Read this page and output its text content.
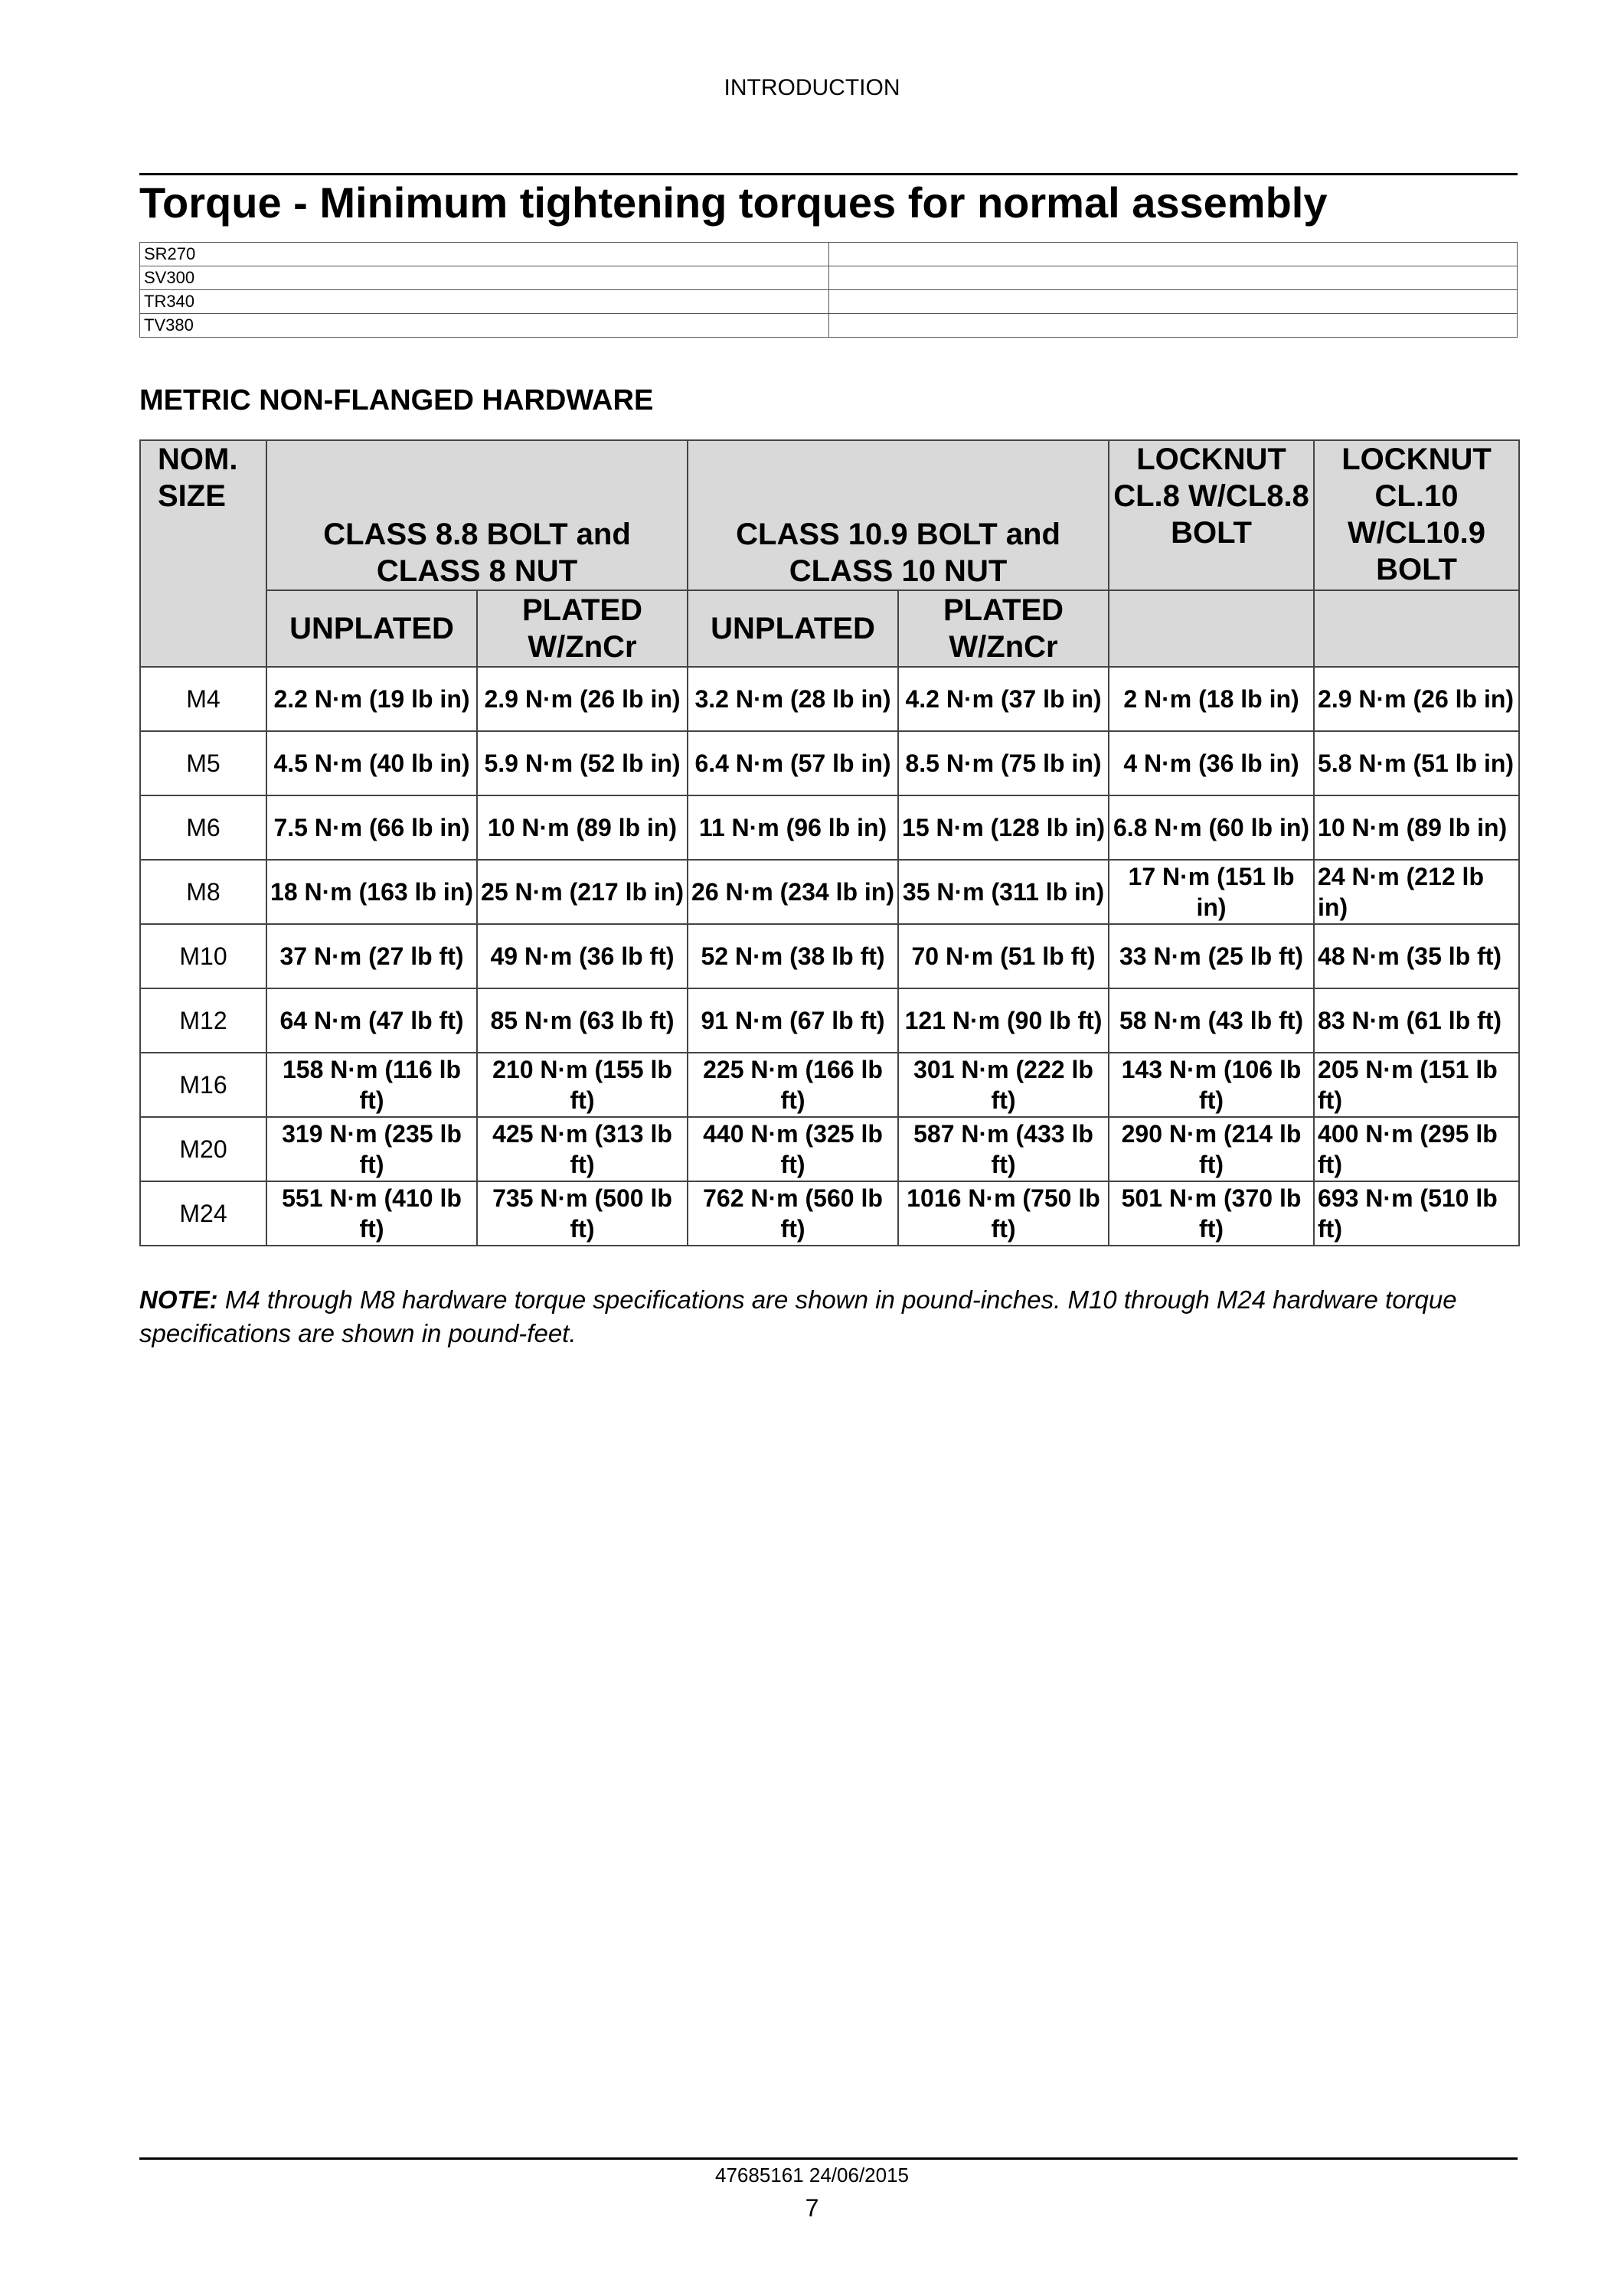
INTRODUCTION
Torque - Minimum tightening torques for normal assembly
SR270	
SV300	
TR340	
TV380	
METRIC NON-FLANGED HARDWARE
NOM. SIZE	CLASS 8.8 BOLT and CLASS 8 NUT		CLASS 10.9 BOLT and CLASS 10 NUT		LOCKNUT CL.8 W/CL8.8 BOLT	LOCKNUT CL.10 W/CL10.9 BOLT
	UNPLATED	PLATED W/ZnCr	UNPLATED	PLATED W/ZnCr		
M4	2.2 N·m (19 lb in)	2.9 N·m (26 lb in)	3.2 N·m (28 lb in)	4.2 N·m (37 lb in)	2 N·m (18 lb in)	2.9 N·m (26 lb in)
M5	4.5 N·m (40 lb in)	5.9 N·m (52 lb in)	6.4 N·m (57 lb in)	8.5 N·m (75 lb in)	4 N·m (36 lb in)	5.8 N·m (51 lb in)
M6	7.5 N·m (66 lb in)	10 N·m (89 lb in)	11 N·m (96 lb in)	15 N·m (128 lb in)	6.8 N·m (60 lb in)	10 N·m (89 lb in)
M8	18 N·m (163 lb in)	25 N·m (217 lb in)	26 N·m (234 lb in)	35 N·m (311 lb in)	17 N·m (151 lb in)	24 N·m (212 lb in)
M10	37 N·m (27 lb ft)	49 N·m (36 lb ft)	52 N·m (38 lb ft)	70 N·m (51 lb ft)	33 N·m (25 lb ft)	48 N·m (35 lb ft)
M12	64 N·m (47 lb ft)	85 N·m (63 lb ft)	91 N·m (67 lb ft)	121 N·m (90 lb ft)	58 N·m (43 lb ft)	83 N·m (61 lb ft)
M16	158 N·m (116 lb ft)	210 N·m (155 lb ft)	225 N·m (166 lb ft)	301 N·m (222 lb ft)	143 N·m (106 lb ft)	205 N·m (151 lb ft)
M20	319 N·m (235 lb ft)	425 N·m (313 lb ft)	440 N·m (325 lb ft)	587 N·m (433 lb ft)	290 N·m (214 lb ft)	400 N·m (295 lb ft)
M24	551 N·m (410 lb ft)	735 N·m (500 lb ft)	762 N·m (560 lb ft)	1016 N·m (750 lb ft)	501 N·m (370 lb ft)	693 N·m (510 lb ft)
NOTE: M4 through M8 hardware torque specifications are shown in pound-inches. M10 through M24 hardware torque specifications are shown in pound-feet.
47685161 24/06/2015
7
